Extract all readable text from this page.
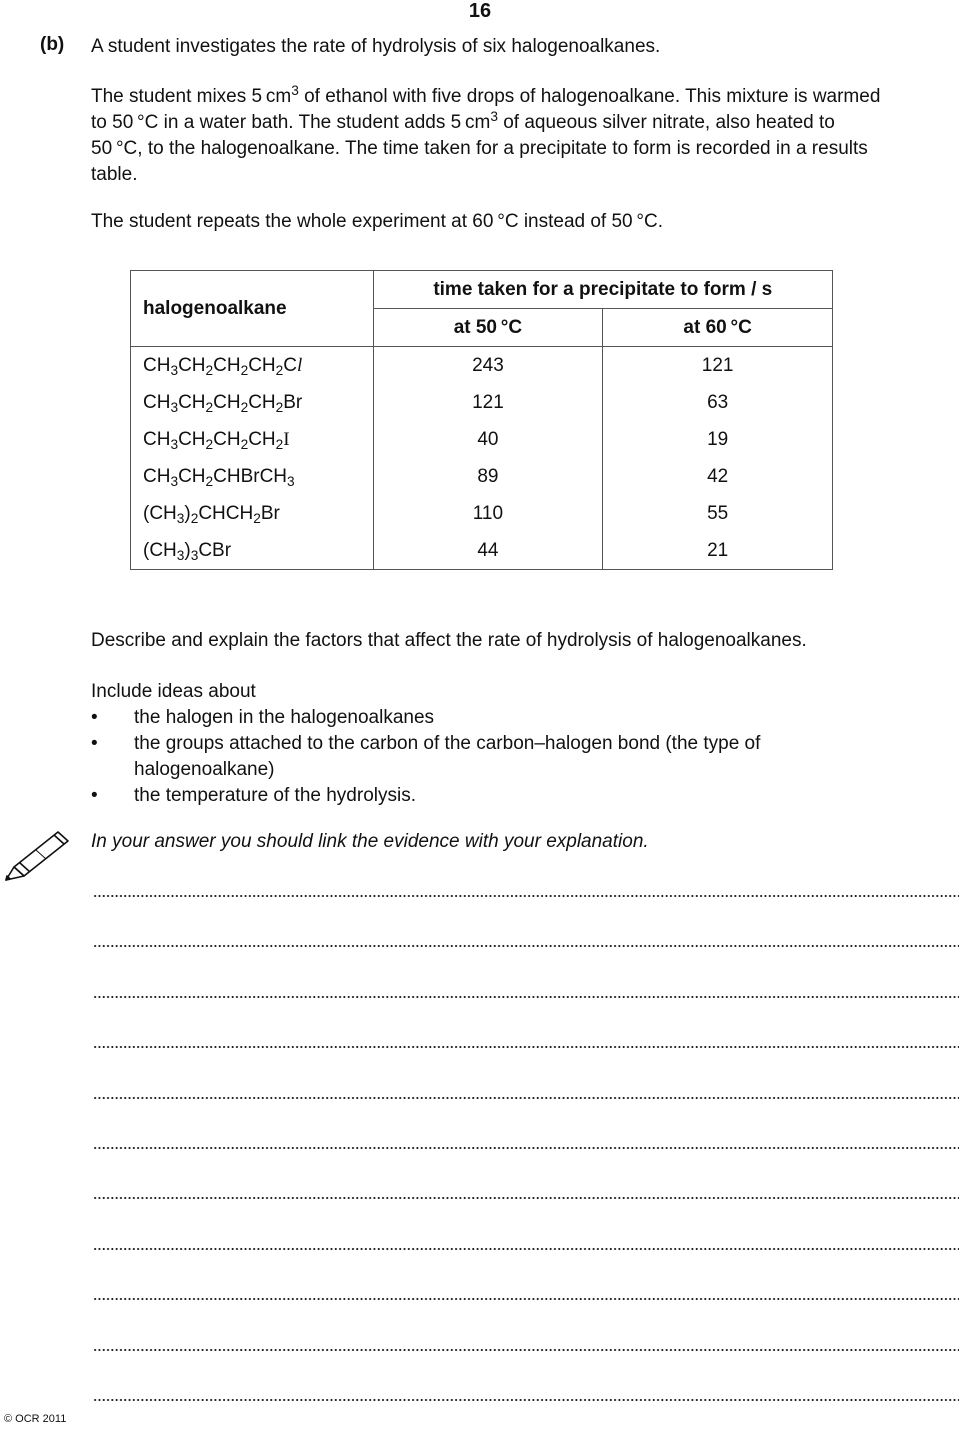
16
(b) A student investigates the rate of hydrolysis of six halogenoalkanes.
The student mixes 5 $cm^3$ of ethanol with five drops of halogenoalkane. This mixture is warmed
to 50 °C in a water bath. The student adds 5 $cm^3$ of aqueous silver nitrate, also heated to
50 °C, to the halogenoalkane. The time taken for a precipitate to form is recorded in a results
table.
The student repeats the whole experiment at 60 °C instead of 50 °C.
halogenoalkane	time taken for a precipitate to form / s	
	at 50 °C	at 60 °C
$CH_3CH_2CH_2CH_2Cl$	243	121
$CH_3CH_2CH_2CH_2Br$	121	63
$CH_3CH_2CH_2CH_2I$	40	19
$CH_3CH_2CHBrCH_3$	89	42
$(CH_3)_2CHCH_2Br$	110	55
$(CH_3)_3CBr$	44	21
Describe and explain the factors that affect the rate of hydrolysis of halogenoalkanes.
Include ideas about
• the halogen in the halogenoalkanes
• the groups attached to the carbon of the carbon–halogen bond (the type of
halogenoalkane)
• the temperature of the hydrolysis.
In your answer you should link the evidence with your explanation.
© OCR 2011
